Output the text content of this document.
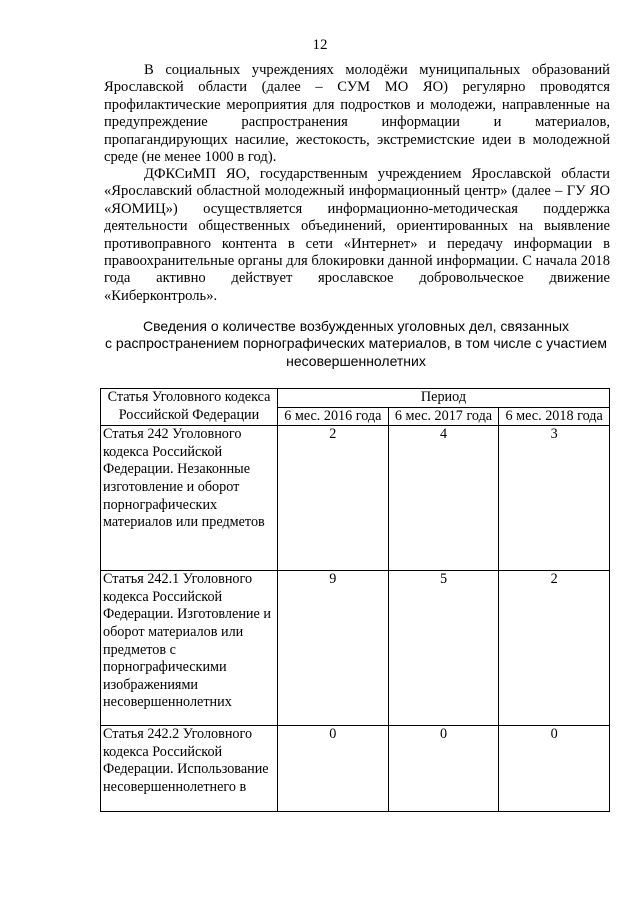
12

В социальных учреждениях молодёжи муниципальных образований Ярославской области (далее – СУМ МО ЯО) регулярно проводятся профилактические мероприятия для подростков и молодежи, направленные на предупреждение распространения информации и материалов, пропагандирующих насилие, жестокость, экстремистские идеи в молодежной среде (не менее 1000 в год).

ДФКСиМП ЯО, государственным учреждением Ярославской области «Ярославский областной молодежный информационный центр» (далее – ГУ ЯО «ЯОМИЦ») осуществляется информационно-методическая поддержка деятельности общественных объединений, ориентированных на выявление противоправного контента в сети «Интернет» и передачу информации в правоохранительные органы для блокировки данной информации. С начала 2018 года активно действует ярославское добровольческое движение «Киберконтроль».

Сведения о количестве возбужденных уголовных дел, связанных
с распространением порнографических материалов, в том числе с участием
несовершеннолетних
Статья Уголовного кодекса Российской Федерации	Период		
	6 мес. 2016 года	6 мес. 2017 года	6 мес. 2018 года

Статья 242 Уголовного кодекса Российской Федерации. Незаконные изготовление и оборот порнографических материалов или предметов	2	4	3

Статья 242.1 Уголовного кодекса Российской Федерации. Изготовление и оборот материалов или предметов с порнографическими изображениями несовершеннолетних	9	5	2

Статья 242.2 Уголовного кодекса Российской Федерации. Использование несовершеннолетнего в	0	0	0
